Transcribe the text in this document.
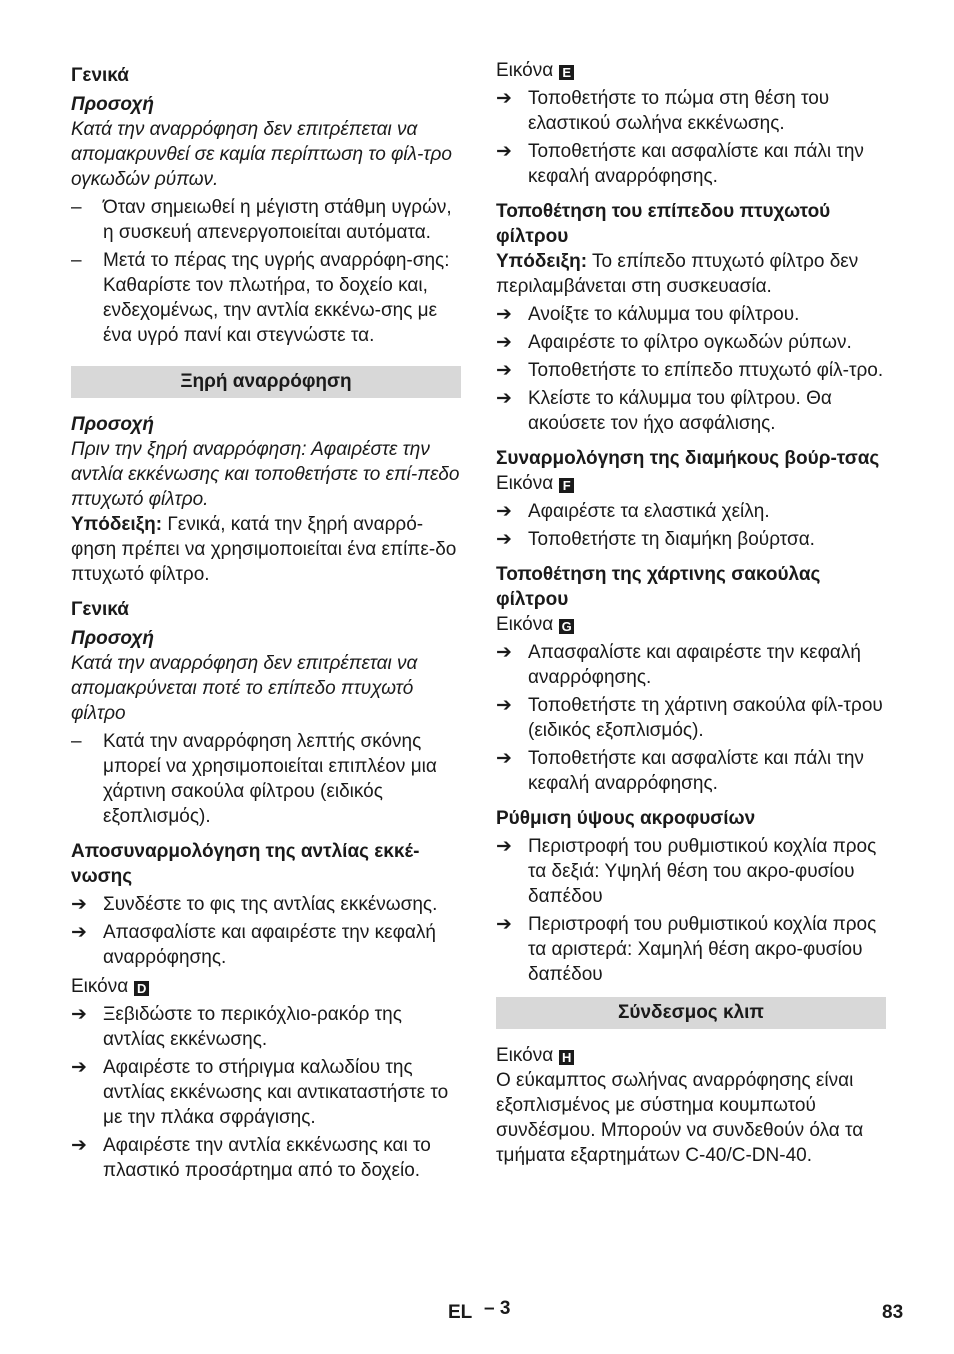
Γενικά
Προσοχή

Κατά την αναρρόφηση δεν επιτρέπεται να απομακρυνθεί σε καμία περίπτωση το φίλ-τρο ογκωδών ρύπων.

– Όταν σημειωθεί η μέγιστη στάθμη υγρών, η συσκευή απενεργοποιείται αυτόματα.
– Μετά το πέρας της υγρής αναρρόφη-σης: Καθαρίστε τον πλωτήρα, το δοχείο και, ενδεχομένως, την αντλία εκκένω-σης με ένα υγρό πανί και στεγνώστε τα.
Ξηρή αναρρόφηση
Προσοχή

Πριν την ξηρή αναρρόφηση: Αφαιρέστε την αντλία εκκένωσης και τοποθετήστε το επί-πεδο πτυχωτό φίλτρο.

Υπόδειξη: Γενικά, κατά την ξηρή αναρρό-φηση πρέπει να χρησιμοποιείται ένα επίπε-δο πτυχωτό φίλτρο.

Γενικά
Προσοχή

Κατά την αναρρόφηση δεν επιτρέπεται να απομακρύνεται ποτέ το επίπεδο πτυχωτό φίλτρο

– Κατά την αναρρόφηση λεπτής σκόνης μπορεί να χρησιμοποιείται επιπλέον μια χάρτινη σακούλα φίλτρου (ειδικός εξοπλισμός).
Αποσυναρμολόγηση της αντλίας εκκέ-νωσης
➔ Συνδέστε το φις της αντλίας εκκένωσης.
➔ Απασφαλίστε και αφαιρέστε την κεφαλή αναρρόφησης.
Εικόνα D
➔ Ξεβιδώστε το περικόχλιο-ρακόρ της αντλίας εκκένωσης.
➔ Αφαιρέστε το στήριγμα καλωδίου της αντλίας εκκένωσης και αντικαταστήστε το με την πλάκα σφράγισης.
➔ Αφαιρέστε την αντλία εκκένωσης και το πλαστικό προσάρτημα από το δοχείο.
Εικόνα E
➔ Τοποθετήστε το πώμα στη θέση του ελαστικού σωλήνα εκκένωσης.
➔ Τοποθετήστε και ασφαλίστε και πάλι την κεφαλή αναρρόφησης.
Τοποθέτηση του επίπεδου πτυχωτού φίλτρου

Υπόδειξη: Το επίπεδο πτυχωτό φίλτρο δεν περιλαμβάνεται στη συσκευασία.

➔ Ανοίξτε το κάλυμμα του φίλτρου.
➔ Αφαιρέστε το φίλτρο ογκωδών ρύπων.
➔ Τοποθετήστε το επίπεδο πτυχωτό φίλ-τρο.
➔ Κλείστε το κάλυμμα του φίλτρου. Θα ακούσετε τον ήχο ασφάλισης.
Συναρμολόγηση της διαμήκους βούρ-τσας
Εικόνα F
➔ Αφαιρέστε τα ελαστικά χείλη.
➔ Τοποθετήστε τη διαμήκη βούρτσα.
Τοποθέτηση της χάρτινης σακούλας φίλτρου
Εικόνα G
➔ Απασφαλίστε και αφαιρέστε την κεφαλή αναρρόφησης.
➔ Τοποθετήστε τη χάρτινη σακούλα φίλ-τρου (ειδικός εξοπλισμός).
➔ Τοποθετήστε και ασφαλίστε και πάλι την κεφαλή αναρρόφησης.
Ρύθμιση ύψους ακροφυσίων
➔ Περιστροφή του ρυθμιστικού κοχλία προς τα δεξιά: Υψηλή θέση του ακρο-φυσίου δαπέδου
➔ Περιστροφή του ρυθμιστικού κοχλία προς τα αριστερά: Χαμηλή θέση ακρο-φυσίου δαπέδου
Σύνδεσμος κλιπ
Εικόνα H

Ο εύκαμπτος σωλήνας αναρρόφησης είναι εξοπλισμένος με σύστημα κουμπωτού συνδέσμου. Μπορούν να συνδεθούν όλα τα τμήματα εξαρτημάτων C-40/C-DN-40.

EL – 3	83
